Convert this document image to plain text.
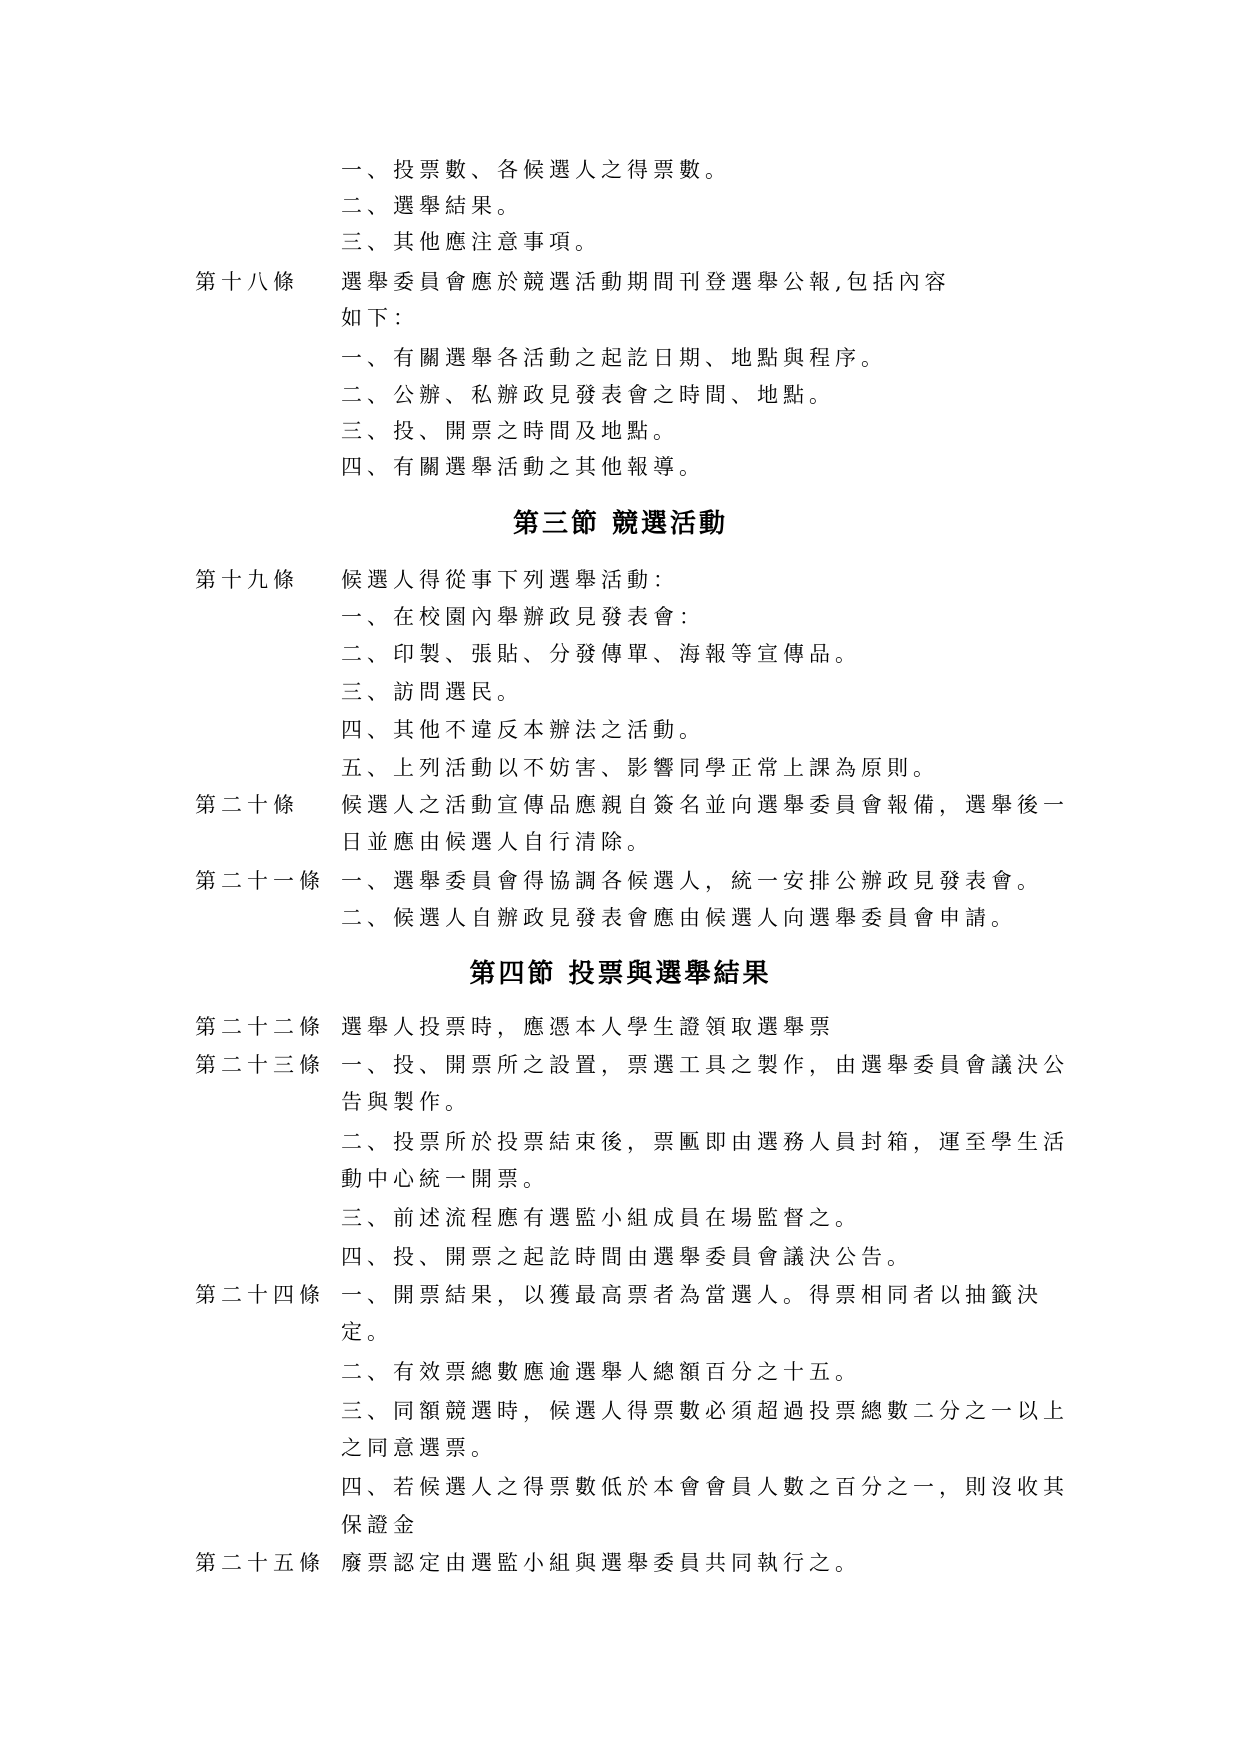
一、投票數、各候選人之得票數。
二、選舉結果。
三、其他應注意事項。
第十八條 選舉委員會應於競選活動期間刊登選舉公報,包括內容
如下：
一、有關選舉各活動之起訖日期、地點與程序。
二、公辦、私辦政見發表會之時間、地點。
三、投、開票之時間及地點。
四、有關選舉活動之其他報導。
第三節 競選活動
第十九條 候選人得從事下列選舉活動：
一、在校園內舉辦政見發表會：
二、印製、張貼、分發傳單、海報等宣傳品。
三、訪問選民。
四、其他不違反本辦法之活動。
五、上列活動以不妨害、影響同學正常上課為原則。
第二十條 候選人之活動宣傳品應親自簽名並向選舉委員會報備，選舉後一
日並應由候選人自行清除。
第二十一條 一、選舉委員會得協調各候選人，統一安排公辦政見發表會。
二、候選人自辦政見發表會應由候選人向選舉委員會申請。
第四節 投票與選舉結果
第二十二條 選舉人投票時，應憑本人學生證領取選舉票
第二十三條 一、投、開票所之設置，票選工具之製作，由選舉委員會議決公
告與製作。
二、投票所於投票結束後，票匭即由選務人員封箱，運至學生活
動中心統一開票。
三、前述流程應有選監小組成員在場監督之。
四、投、開票之起訖時間由選舉委員會議決公告。
第二十四條 一、開票結果，以獲最高票者為當選人。得票相同者以抽籤決
定。
二、有效票總數應逾選舉人總額百分之十五。
三、同額競選時，候選人得票數必須超過投票總數二分之一以上
之同意選票。
四、若候選人之得票數低於本會會員人數之百分之一，則沒收其
保證金
第二十五條 廢票認定由選監小組與選舉委員共同執行之。
